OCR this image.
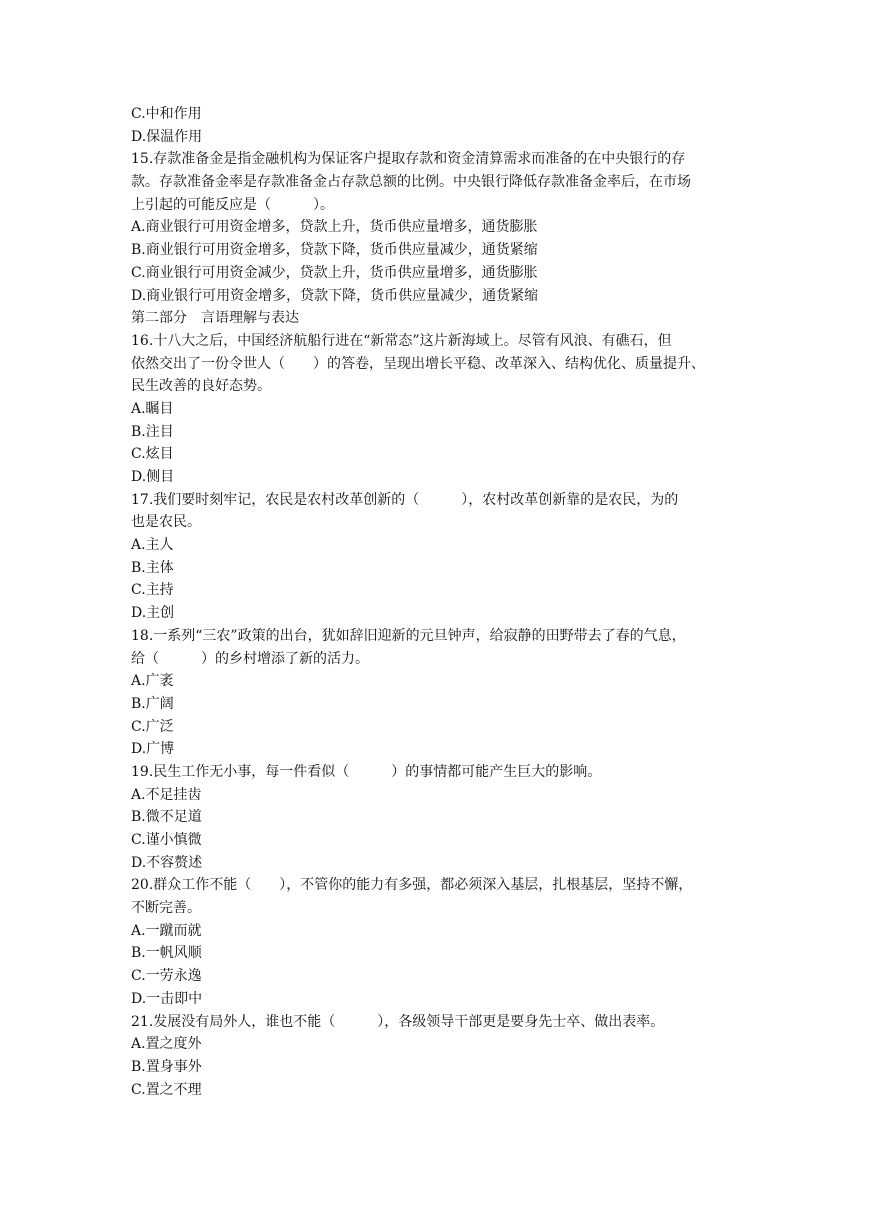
C.中和作用
D.保温作用
15.存款准备金是指金融机构为保证客户提取存款和资金清算需求而准备的在中央银行的存
款。存款准备金率是存款准备金占存款总额的比例。中央银行降低存款准备金率后，在市场
上引起的可能反应是（　　　）。
A.商业银行可用资金增多，贷款上升，货币供应量增多，通货膨胀
B.商业银行可用资金增多，贷款下降，货币供应量减少，通货紧缩
C.商业银行可用资金减少，贷款上升，货币供应量增多，通货膨胀
D.商业银行可用资金增多，贷款下降，货币供应量减少，通货紧缩
第二部分　言语理解与表达
16.十八大之后，中国经济航船行进在“新常态”这片新海域上。尽管有风浪、有礁石，但
依然交出了一份令世人（　　）的答卷，呈现出增长平稳、改革深入、结构优化、质量提升、
民生改善的良好态势。
A.瞩目
B.注目
C.炫目
D.侧目
17.我们要时刻牢记，农民是农村改革创新的（　　　），农村改革创新靠的是农民，为的
也是农民。
A.主人
B.主体
C.主持
D.主创
18.一系列“三农”政策的出台，犹如辞旧迎新的元旦钟声，给寂静的田野带去了春的气息，
给（　　　）的乡村增添了新的活力。
A.广袤
B.广阔
C.广泛
D.广博
19.民生工作无小事，每一件看似（　　　）的事情都可能产生巨大的影响。
A.不足挂齿
B.微不足道
C.谨小慎微
D.不容赘述
20.群众工作不能（　　），不管你的能力有多强，都必须深入基层，扎根基层，坚持不懈，
不断完善。
A.一蹴而就
B.一帆风顺
C.一劳永逸
D.一击即中
21.发展没有局外人，谁也不能（　　　），各级领导干部更是要身先士卒、做出表率。
A.置之度外
B.置身事外
C.置之不理
